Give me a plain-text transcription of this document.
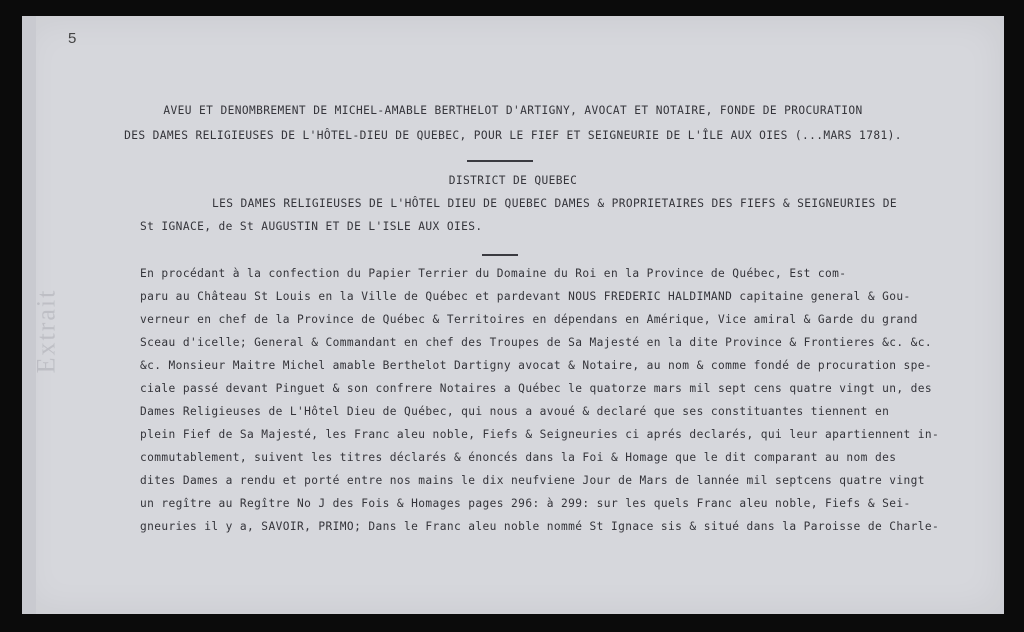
5
Extrait
AVEU ET DENOMBREMENT DE MICHEL-AMABLE BERTHELOT D'ARTIGNY, AVOCAT ET NOTAIRE, FONDE DE PROCURATION
DES DAMES RELIGIEUSES DE L'HÔTEL-DIEU DE QUEBEC, POUR LE FIEF ET SEIGNEURIE DE L'ÎLE AUX OIES (...MARS 1781).
DISTRICT DE QUEBEC
LES DAMES RELIGIEUSES DE L'HÔTEL DIEU DE QUEBEC DAMES & PROPRIETAIRES DES FIEFS & SEIGNEURIES DE
St IGNACE, de St AUGUSTIN ET DE L'ISLE AUX OIES.
En procédant à la confection du Papier Terrier du Domaine du Roi en la Province de Québec, Est com-
paru au Château St Louis en la Ville de Québec et pardevant NOUS FREDERIC HALDIMAND capitaine general & Gou-
verneur en chef de la Province de Québec & Territoires en dépendans en Amérique, Vice amiral & Garde du grand
Sceau d'icelle; General & Commandant en chef des Troupes de Sa Majesté en la dite Province & Frontieres &c. &c.
&c. Monsieur Maitre Michel amable Berthelot Dartigny avocat & Notaire, au nom & comme fondé de procuration spe-
ciale passé devant Pinguet & son confrere Notaires a Québec le quatorze mars mil sept cens quatre vingt un, des
Dames Religieuses de L'Hôtel Dieu de Québec, qui nous a avoué & declaré que ses constituantes tiennent en
plein Fief de Sa Majesté, les Franc aleu noble, Fiefs & Seigneuries ci aprés declarés, qui leur apartiennent in-
commutablement, suivent les titres déclarés & énoncés dans la Foi & Homage que le dit comparant au nom des
dites Dames a rendu et porté entre nos mains le dix neufviene Jour de Mars de lannée mil septcens quatre vingt
un regître au Regître No J des Fois & Homages pages 296: à 299: sur les quels Franc aleu noble, Fiefs & Sei-
gneuries il y a, SAVOIR, PRIMO; Dans le Franc aleu noble nommé St Ignace sis & situé dans la Paroisse de Charle-
